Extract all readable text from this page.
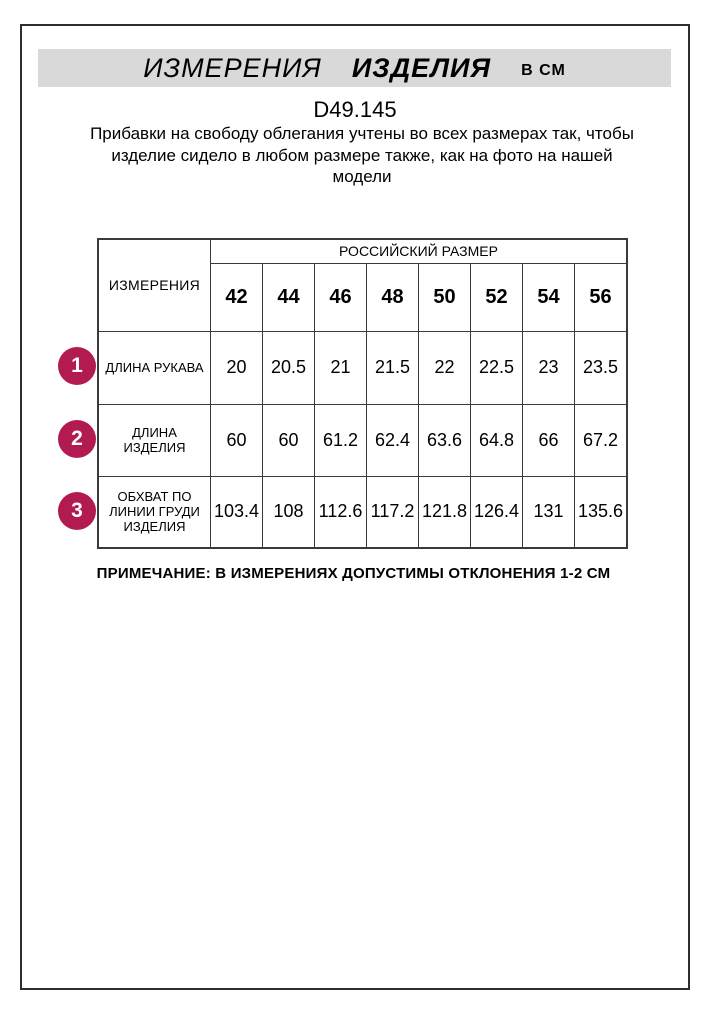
ИЗМЕРЕНИЯ ИЗДЕЛИЯ В СМ
D49.145
Прибавки на свободу облегания учтены во всех размерах так, чтобы изделие сидело в любом размере также, как на фото на нашей модели
ИЗМЕРЕНИЯ	РОССИЙСКИЙ РАЗМЕР							
	42	44	46	48	50	52	54	56
ДЛИНА РУКАВА	20	20.5	21	21.5	22	22.5	23	23.5
ДЛИНА ИЗДЕЛИЯ	60	60	61.2	62.4	63.6	64.8	66	67.2
ОБХВАТ ПО ЛИНИИ ГРУДИ ИЗДЕЛИЯ	103.4	108	112.6	117.2	121.8	126.4	131	135.6
1
2
3
ПРИМЕЧАНИЕ: В ИЗМЕРЕНИЯХ ДОПУСТИМЫ ОТКЛОНЕНИЯ 1-2 СМ
